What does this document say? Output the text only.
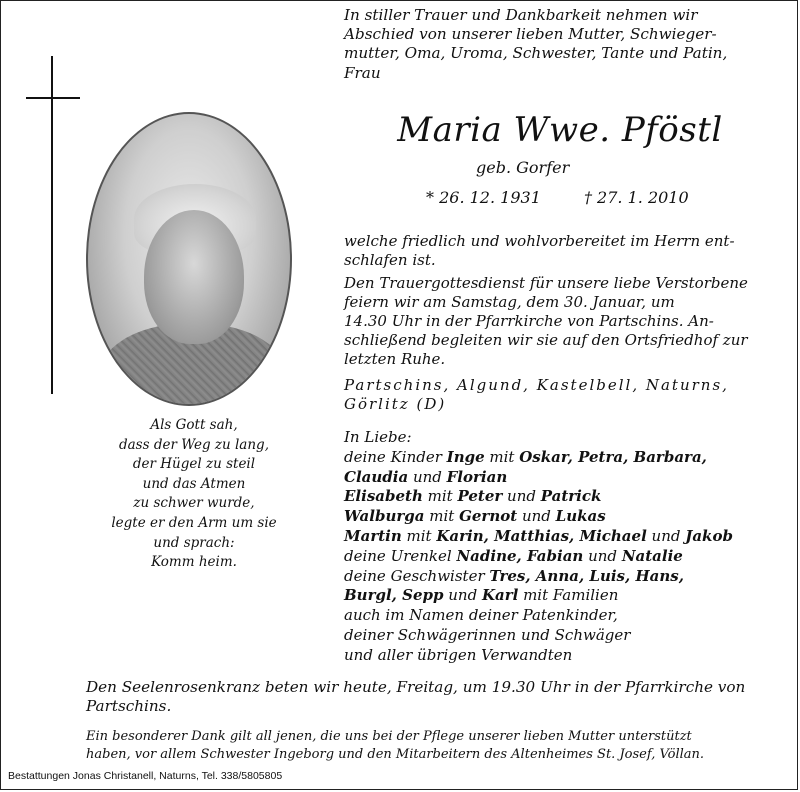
Als Gott sah,
dass der Weg zu lang,
der Hügel zu steil
und das Atmen
zu schwer wurde,
legte er den Arm um sie
und sprach:
Komm heim.
In stiller Trauer und Dankbarkeit nehmen wir
Abschied von unserer lieben Mutter, Schwieger-
mutter, Oma, Uroma, Schwester, Tante und Patin,
Frau
Maria Wwe. Pföstl
geb. Gorfer
* 26. 12. 1931	† 27. 1. 2010
welche friedlich und wohlvorbereitet im Herrn ent-
schlafen ist.
Den Trauergottesdienst für unsere liebe Verstorbene
feiern wir am Samstag, dem 30. Januar, um
14.30 Uhr in der Pfarrkirche von Partschins. An-
schließend begleiten wir sie auf den Ortsfriedhof zur
letzten Ruhe.
Partschins, Algund, Kastelbell, Naturns,
Görlitz (D)
In Liebe:
deine Kinder Inge mit Oskar, Petra, Barbara,
Claudia und Florian
Elisabeth mit Peter und Patrick
Walburga mit Gernot und Lukas
Martin mit Karin, Matthias, Michael und Jakob
deine Urenkel Nadine, Fabian und Natalie
deine Geschwister Tres, Anna, Luis, Hans,
Burgl, Sepp und Karl mit Familien
auch im Namen deiner Patenkinder,
deiner Schwägerinnen und Schwäger
und aller übrigen Verwandten
Den Seelenrosenkranz beten wir heute, Freitag, um 19.30 Uhr in der Pfarrkirche von
Partschins.
Ein besonderer Dank gilt all jenen, die uns bei der Pflege unserer lieben Mutter unterstützt
haben, vor allem Schwester Ingeborg und den Mitarbeitern des Altenheimes St. Josef, Völlan.
Bestattungen Jonas Christanell, Naturns, Tel. 338/5805805
